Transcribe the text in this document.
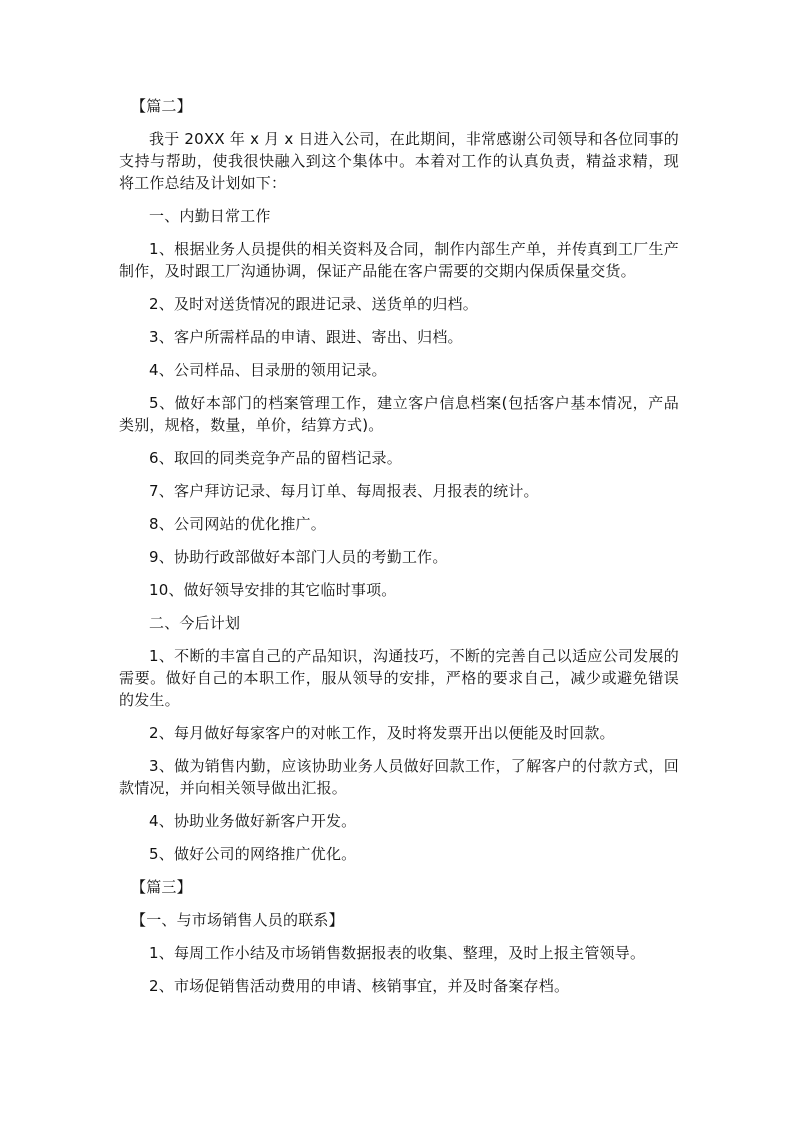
【篇二】

我于 20XX 年 x 月 x 日进入公司，在此期间，非常感谢公司领导和各位同事的支持与帮助，使我很快融入到这个集体中。本着对工作的认真负责，精益求精，现将工作总结及计划如下：

一、内勤日常工作

1、根据业务人员提供的相关资料及合同，制作内部生产单，并传真到工厂生产制作，及时跟工厂沟通协调，保证产品能在客户需要的交期内保质保量交货。

2、及时对送货情况的跟进记录、送货单的归档。

3、客户所需样品的申请、跟进、寄出、归档。

4、公司样品、目录册的领用记录。

5、做好本部门的档案管理工作，建立客户信息档案(包括客户基本情况，产品类别，规格，数量，单价，结算方式)。

6、取回的同类竞争产品的留档记录。

7、客户拜访记录、每月订单、每周报表、月报表的统计。

8、公司网站的优化推广。

9、协助行政部做好本部门人员的考勤工作。

10、做好领导安排的其它临时事项。

二、今后计划

1、不断的丰富自己的产品知识，沟通技巧，不断的完善自己以适应公司发展的需要。做好自己的本职工作，服从领导的安排，严格的要求自己，减少或避免错误的发生。

2、每月做好每家客户的对帐工作，及时将发票开出以便能及时回款。

3、做为销售内勤，应该协助业务人员做好回款工作，了解客户的付款方式，回款情况，并向相关领导做出汇报。

4、协助业务做好新客户开发。

5、做好公司的网络推广优化。

【篇三】

【一、与市场销售人员的联系】

1、每周工作小结及市场销售数据报表的收集、整理，及时上报主管领导。

2、市场促销售活动费用的申请、核销事宜，并及时备案存档。
